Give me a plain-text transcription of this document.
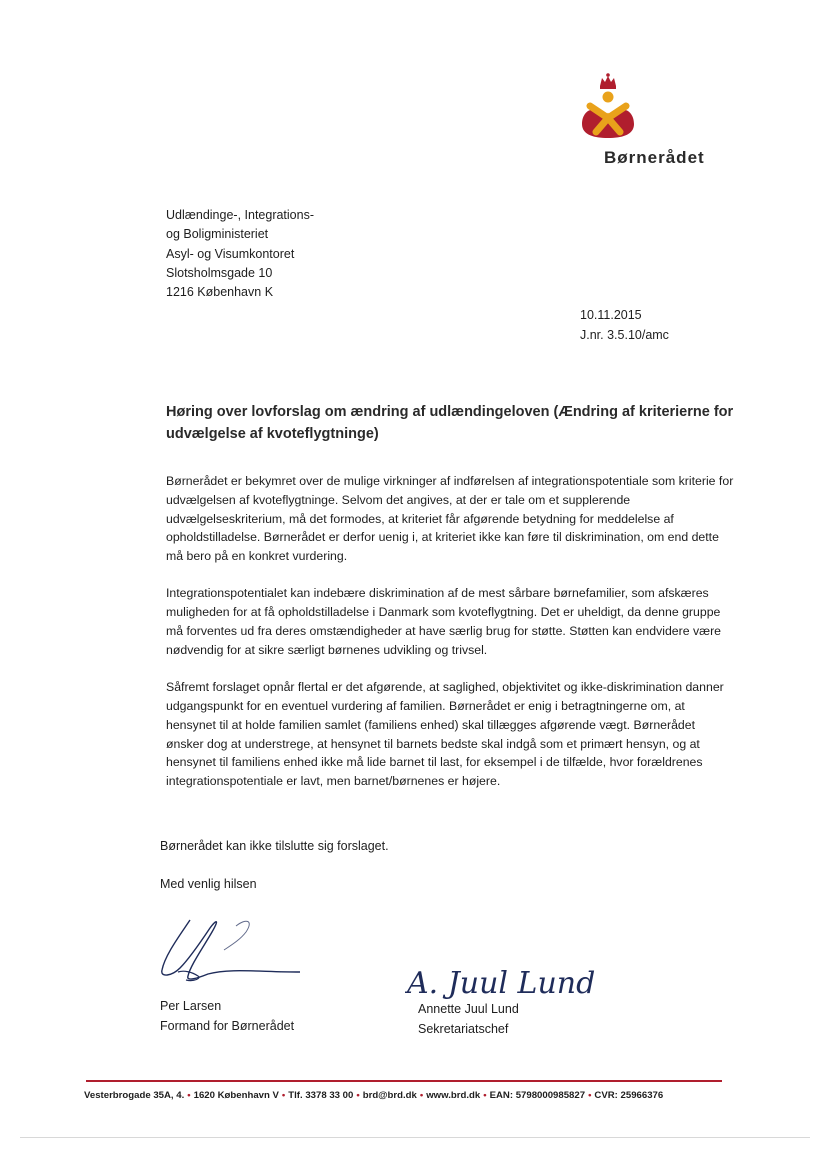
Børnerådet
Udlændinge-, Integrations-
og Boligministeriet
Asyl- og Visumkontoret
Slotsholmsgade 10
1216 København K
10.11.2015
J.nr. 3.5.10/amc
Høring over lovforslag om ændring af udlændingeloven (Ændring af kriterierne for udvælgelse af kvoteflygtninge)

Børnerådet er bekymret over de mulige virkninger af indførelsen af integrationspotentiale som kriterie for udvælgelsen af kvoteflygtninge. Selvom det angives, at der er tale om et supplerende udvælgelseskriterium, må det formodes, at kriteriet får afgørende betydning for meddelelse af opholdstilladelse. Børnerådet er derfor uenig i, at kriteriet ikke kan føre til diskrimination, om end dette må bero på en konkret vurdering.

Integrationspotentialet kan indebære diskrimination af de mest sårbare børnefamilier, som afskæres muligheden for at få opholdstilladelse i Danmark som kvoteflygtning. Det er uheldigt, da denne gruppe må forventes ud fra deres omstændigheder at have særlig brug for støtte. Støtten kan endvidere være nødvendig for at sikre særligt børnenes udvikling og trivsel.

Såfremt forslaget opnår flertal er det afgørende, at saglighed, objektivitet og ikke-diskrimination danner udgangspunkt for en eventuel vurdering af familien. Børnerådet er enig i betragtningerne om, at hensynet til at holde familien samlet (familiens enhed) skal tillægges afgørende vægt. Børnerådet ønsker dog at understrege, at hensynet til barnets bedste skal indgå som et primært hensyn, og at hensynet til familiens enhed ikke må lide barnet til last, for eksempel i de tilfælde, hvor forældrenes integrationspotentiale er lavt, men barnet/børnenes er højere.

Børnerådet kan ikke tilslutte sig forslaget.

Med venlig hilsen

A. Juul Lund
Per Larsen
Formand for Børnerådet
Annette Juul Lund
Sekretariatschef
Vesterbrogade 35A, 4. • 1620 København V • Tlf. 3378 33 00 • brd@brd.dk • www.brd.dk • EAN: 5798000985827 • CVR: 25966376
